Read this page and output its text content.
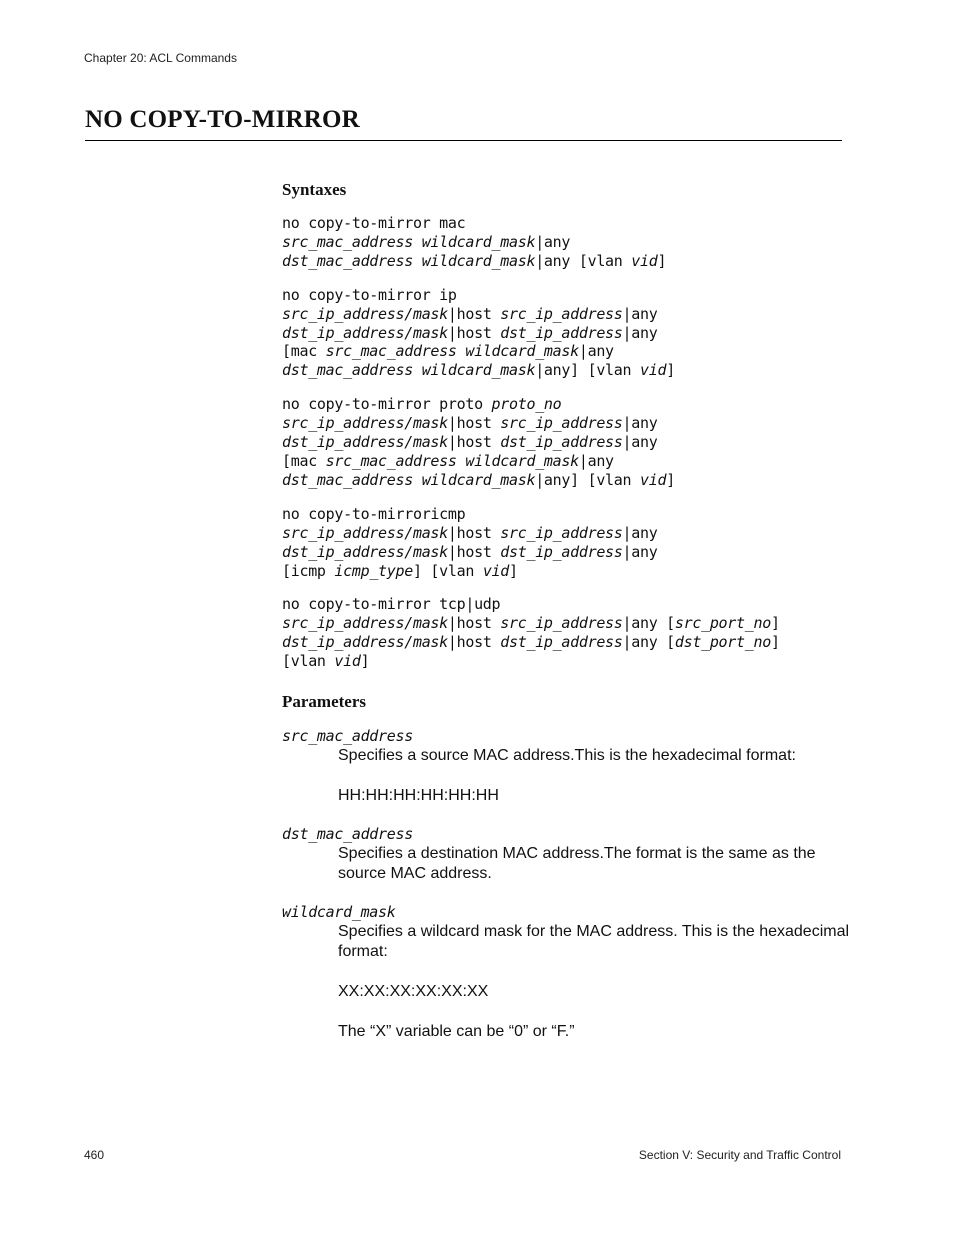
Chapter 20: ACL Commands
NO COPY-TO-MIRROR
Syntaxes
no copy-to-mirror mac
src_mac_address wildcard_mask|any
dst_mac_address wildcard_mask|any [vlan vid]
no copy-to-mirror ip
src_ip_address/mask|host src_ip_address|any
dst_ip_address/mask|host dst_ip_address|any
[mac src_mac_address wildcard_mask|any
dst_mac_address wildcard_mask|any] [vlan vid]
no copy-to-mirror proto proto_no
src_ip_address/mask|host src_ip_address|any
dst_ip_address/mask|host dst_ip_address|any
[mac src_mac_address wildcard_mask|any
dst_mac_address wildcard_mask|any] [vlan vid]
no copy-to-mirroricmp
src_ip_address/mask|host src_ip_address|any
dst_ip_address/mask|host dst_ip_address|any
[icmp icmp_type] [vlan vid]
no copy-to-mirror tcp|udp
src_ip_address/mask|host src_ip_address|any [src_port_no]
dst_ip_address/mask|host dst_ip_address|any [dst_port_no]
[vlan vid]
Parameters
src_mac_address

Specifies a source MAC address.This is the hexadecimal format:

HH:HH:HH:HH:HH:HH

dst_mac_address

Specifies a destination MAC address.The format is the same as the source MAC address.

wildcard_mask

Specifies a wildcard mask for the MAC address. This is the hexadecimal format:

XX:XX:XX:XX:XX:XX

The “X” variable can be “0” or “F.”

460	Section V: Security and Traffic Control
